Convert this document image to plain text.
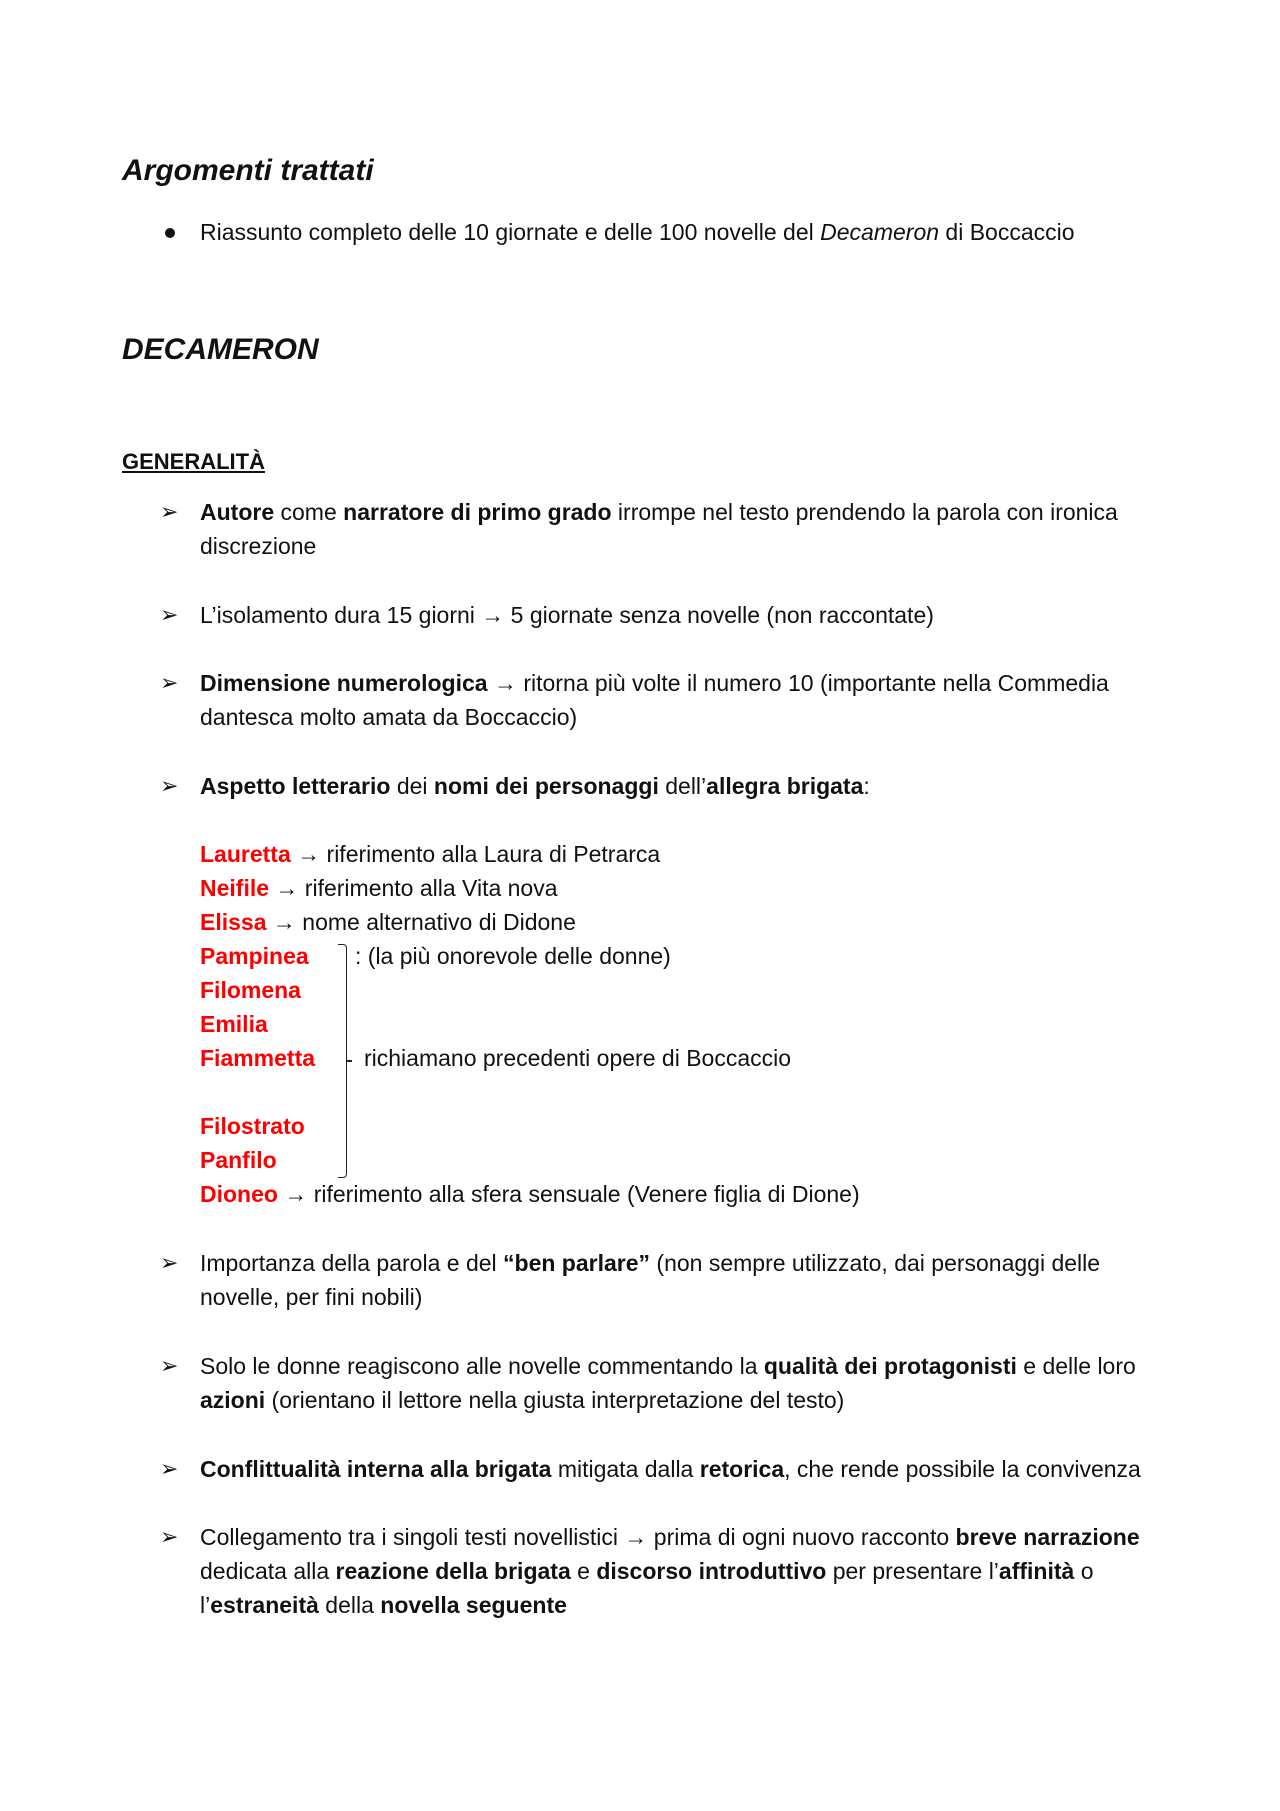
Argomenti trattati
Riassunto completo delle 10 giornate e delle 100 novelle del Decameron di Boccaccio
DECAMERON
GENERALITÀ
➢ Autore come narratore di primo grado irrompe nel testo prendendo la parola con ironica discrezione
➢ L’isolamento dura 15 giorni → 5 giornate senza novelle (non raccontate)
➢ Dimensione numerologica → ritorna più volte il numero 10 (importante nella Commedia dantesca molto amata da Boccaccio)
➢ Aspetto letterario dei nomi dei personaggi dell’allegra brigata:
Lauretta → riferimento alla Laura di Petrarca
Neifile → riferimento alla Vita nova
Elissa → nome alternativo di Didone
Pampinea : (la più onorevole delle donne)
Filomena
Emilia
Fiammetta richiamano precedenti opere di Boccaccio
Filostrato
Panfilo
Dioneo → riferimento alla sfera sensuale (Venere figlia di Dione)
➢ Importanza della parola e del “ben parlare” (non sempre utilizzato, dai personaggi delle novelle, per fini nobili)
➢ Solo le donne reagiscono alle novelle commentando la qualità dei protagonisti e delle loro azioni (orientano il lettore nella giusta interpretazione del testo)
➢ Conflittualità interna alla brigata mitigata dalla retorica, che rende possibile la convivenza
➢ Collegamento tra i singoli testi novellistici → prima di ogni nuovo racconto breve narrazione dedicata alla reazione della brigata e discorso introduttivo per presentare l’affinità o l’estraneità della novella seguente
